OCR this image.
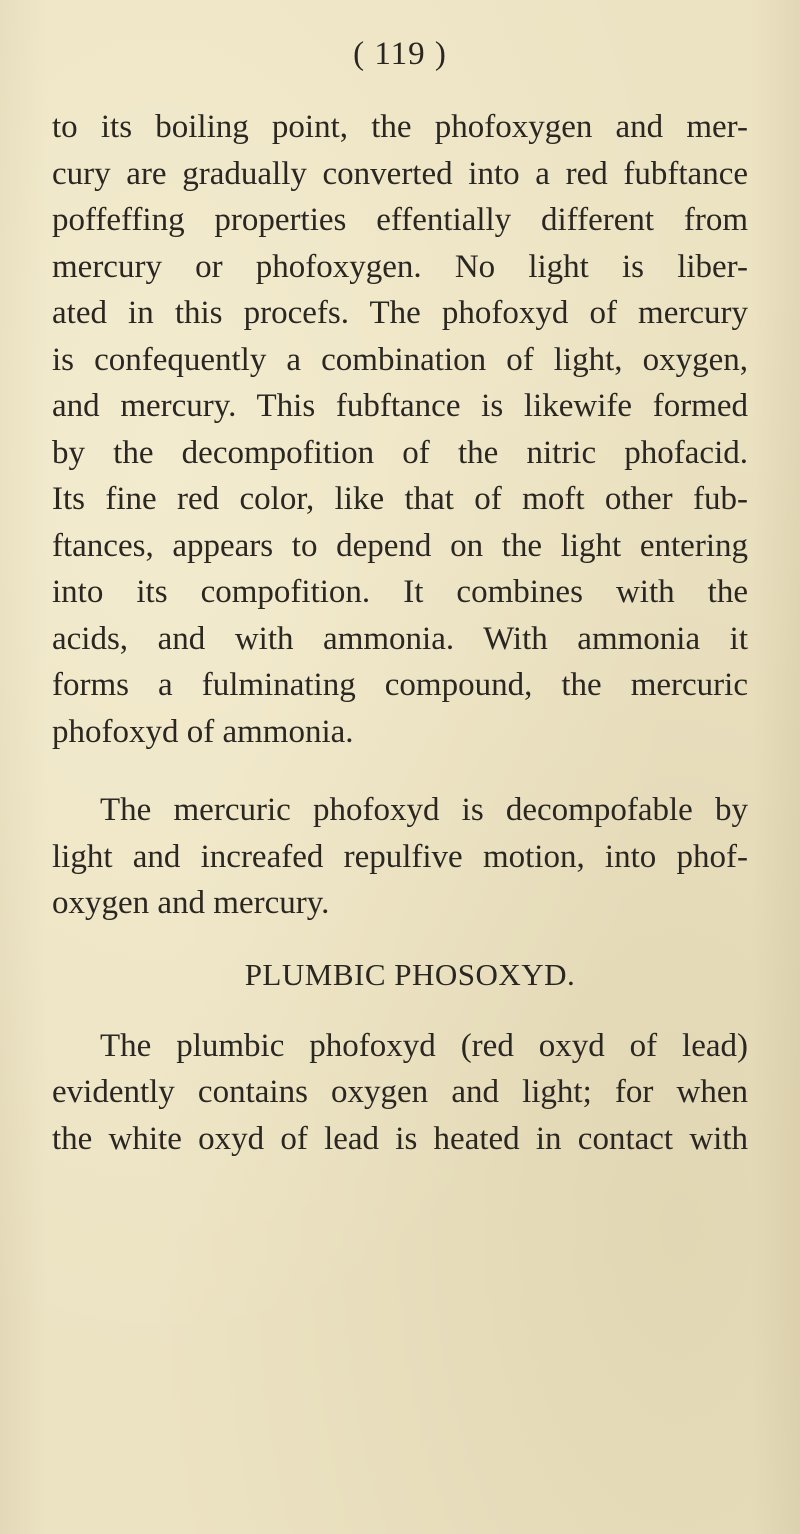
( 119 )
to its boiling point, the phofoxygen and mer-
cury are gradually converted into a red fubftance
poffeffing properties effentially different from
mercury or phofoxygen. No light is liber-
ated in this procefs. The phofoxyd of mercury
is confequently a combination of light, oxygen,
and mercury. This fubftance is likewife formed
by the decompofition of the nitric phofacid.
Its fine red color, like that of moft other fub-
ftances, appears to depend on the light entering
into its compofition. It combines with the
acids, and with ammonia. With ammonia it
forms a fulminating compound, the mercuric
phofoxyd of ammonia.
The mercuric phofoxyd is decompofable by
light and increafed repulfive motion, into phof-
oxygen and mercury.
PLUMBIC PHOSOXYD.
The plumbic phofoxyd (red oxyd of lead)
evidently contains oxygen and light; for when
the white oxyd of lead is heated in contact with
